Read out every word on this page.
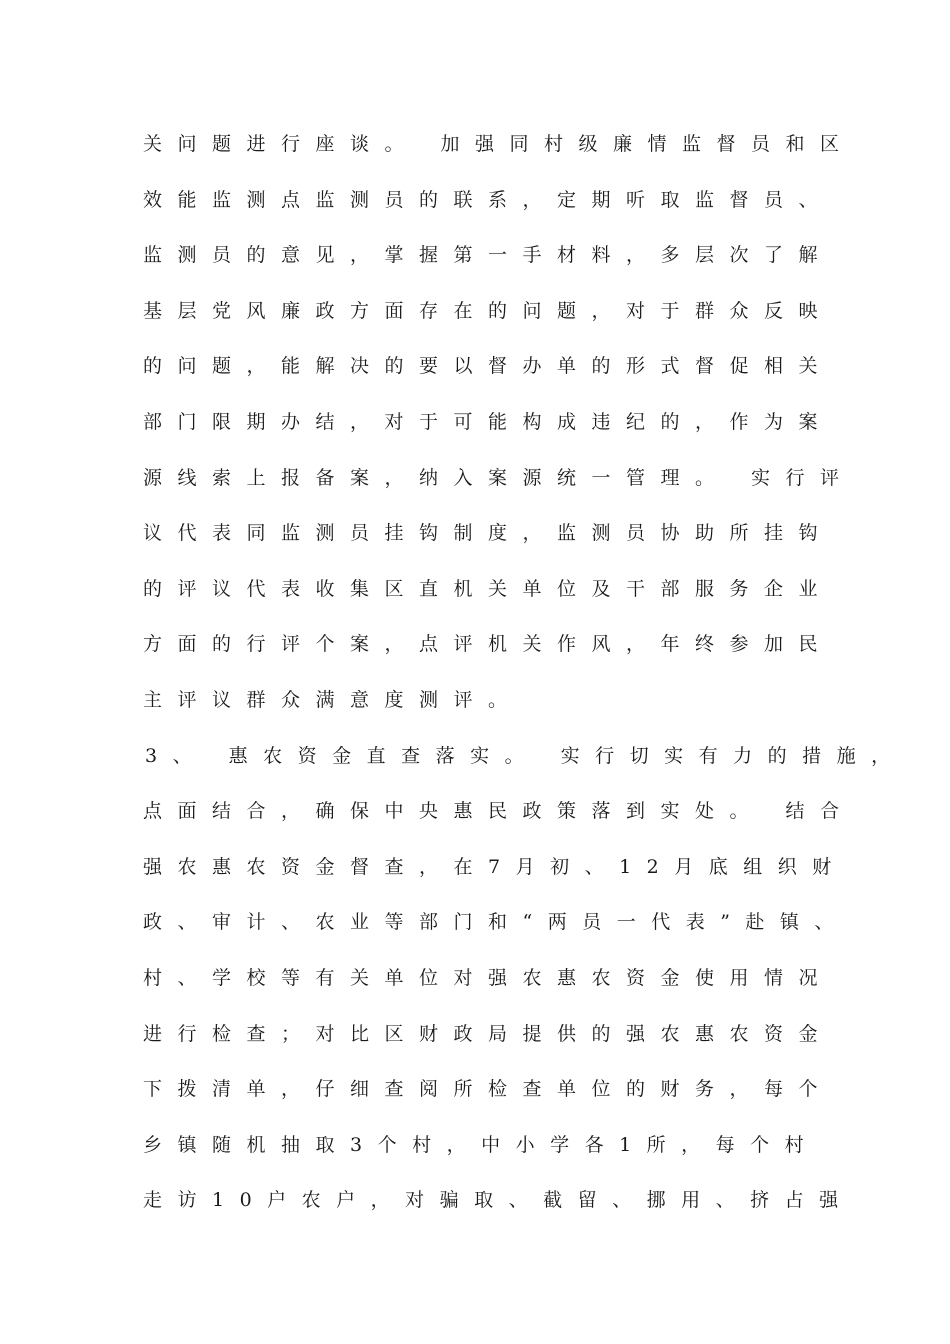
关问题进行座谈。 加强同村级廉情监督员和区
效能监测点监测员的联系，定期听取监督员、
监测员的意见，掌握第一手材料，多层次了解
基层党风廉政方面存在的问题，对于群众反映
的问题，能解决的要以督办单的形式督促相关
部门限期办结，对于可能构成违纪的，作为案
源线索上报备案，纳入案源统一管理。 实行评
议代表同监测员挂钩制度，监测员协助所挂钩
的评议代表收集区直机关单位及干部服务企业
方面的行评个案，点评机关作风，年终参加民
主评议群众满意度测评。
3、 惠农资金直查落实。 实行切实有力的措施，
点面结合，确保中央惠民政策落到实处。 结合
强农惠农资金督查，在7月初、12月底组织财
政、审计、农业等部门和“两员一代表”赴镇、
村、学校等有关单位对强农惠农资金使用情况
进行检查；对比区财政局提供的强农惠农资金
下拨清单，仔细查阅所检查单位的财务，每个
乡镇随机抽取3个村，中小学各1所，每个村
走访10户农户，对骗取、截留、挪用、挤占强
